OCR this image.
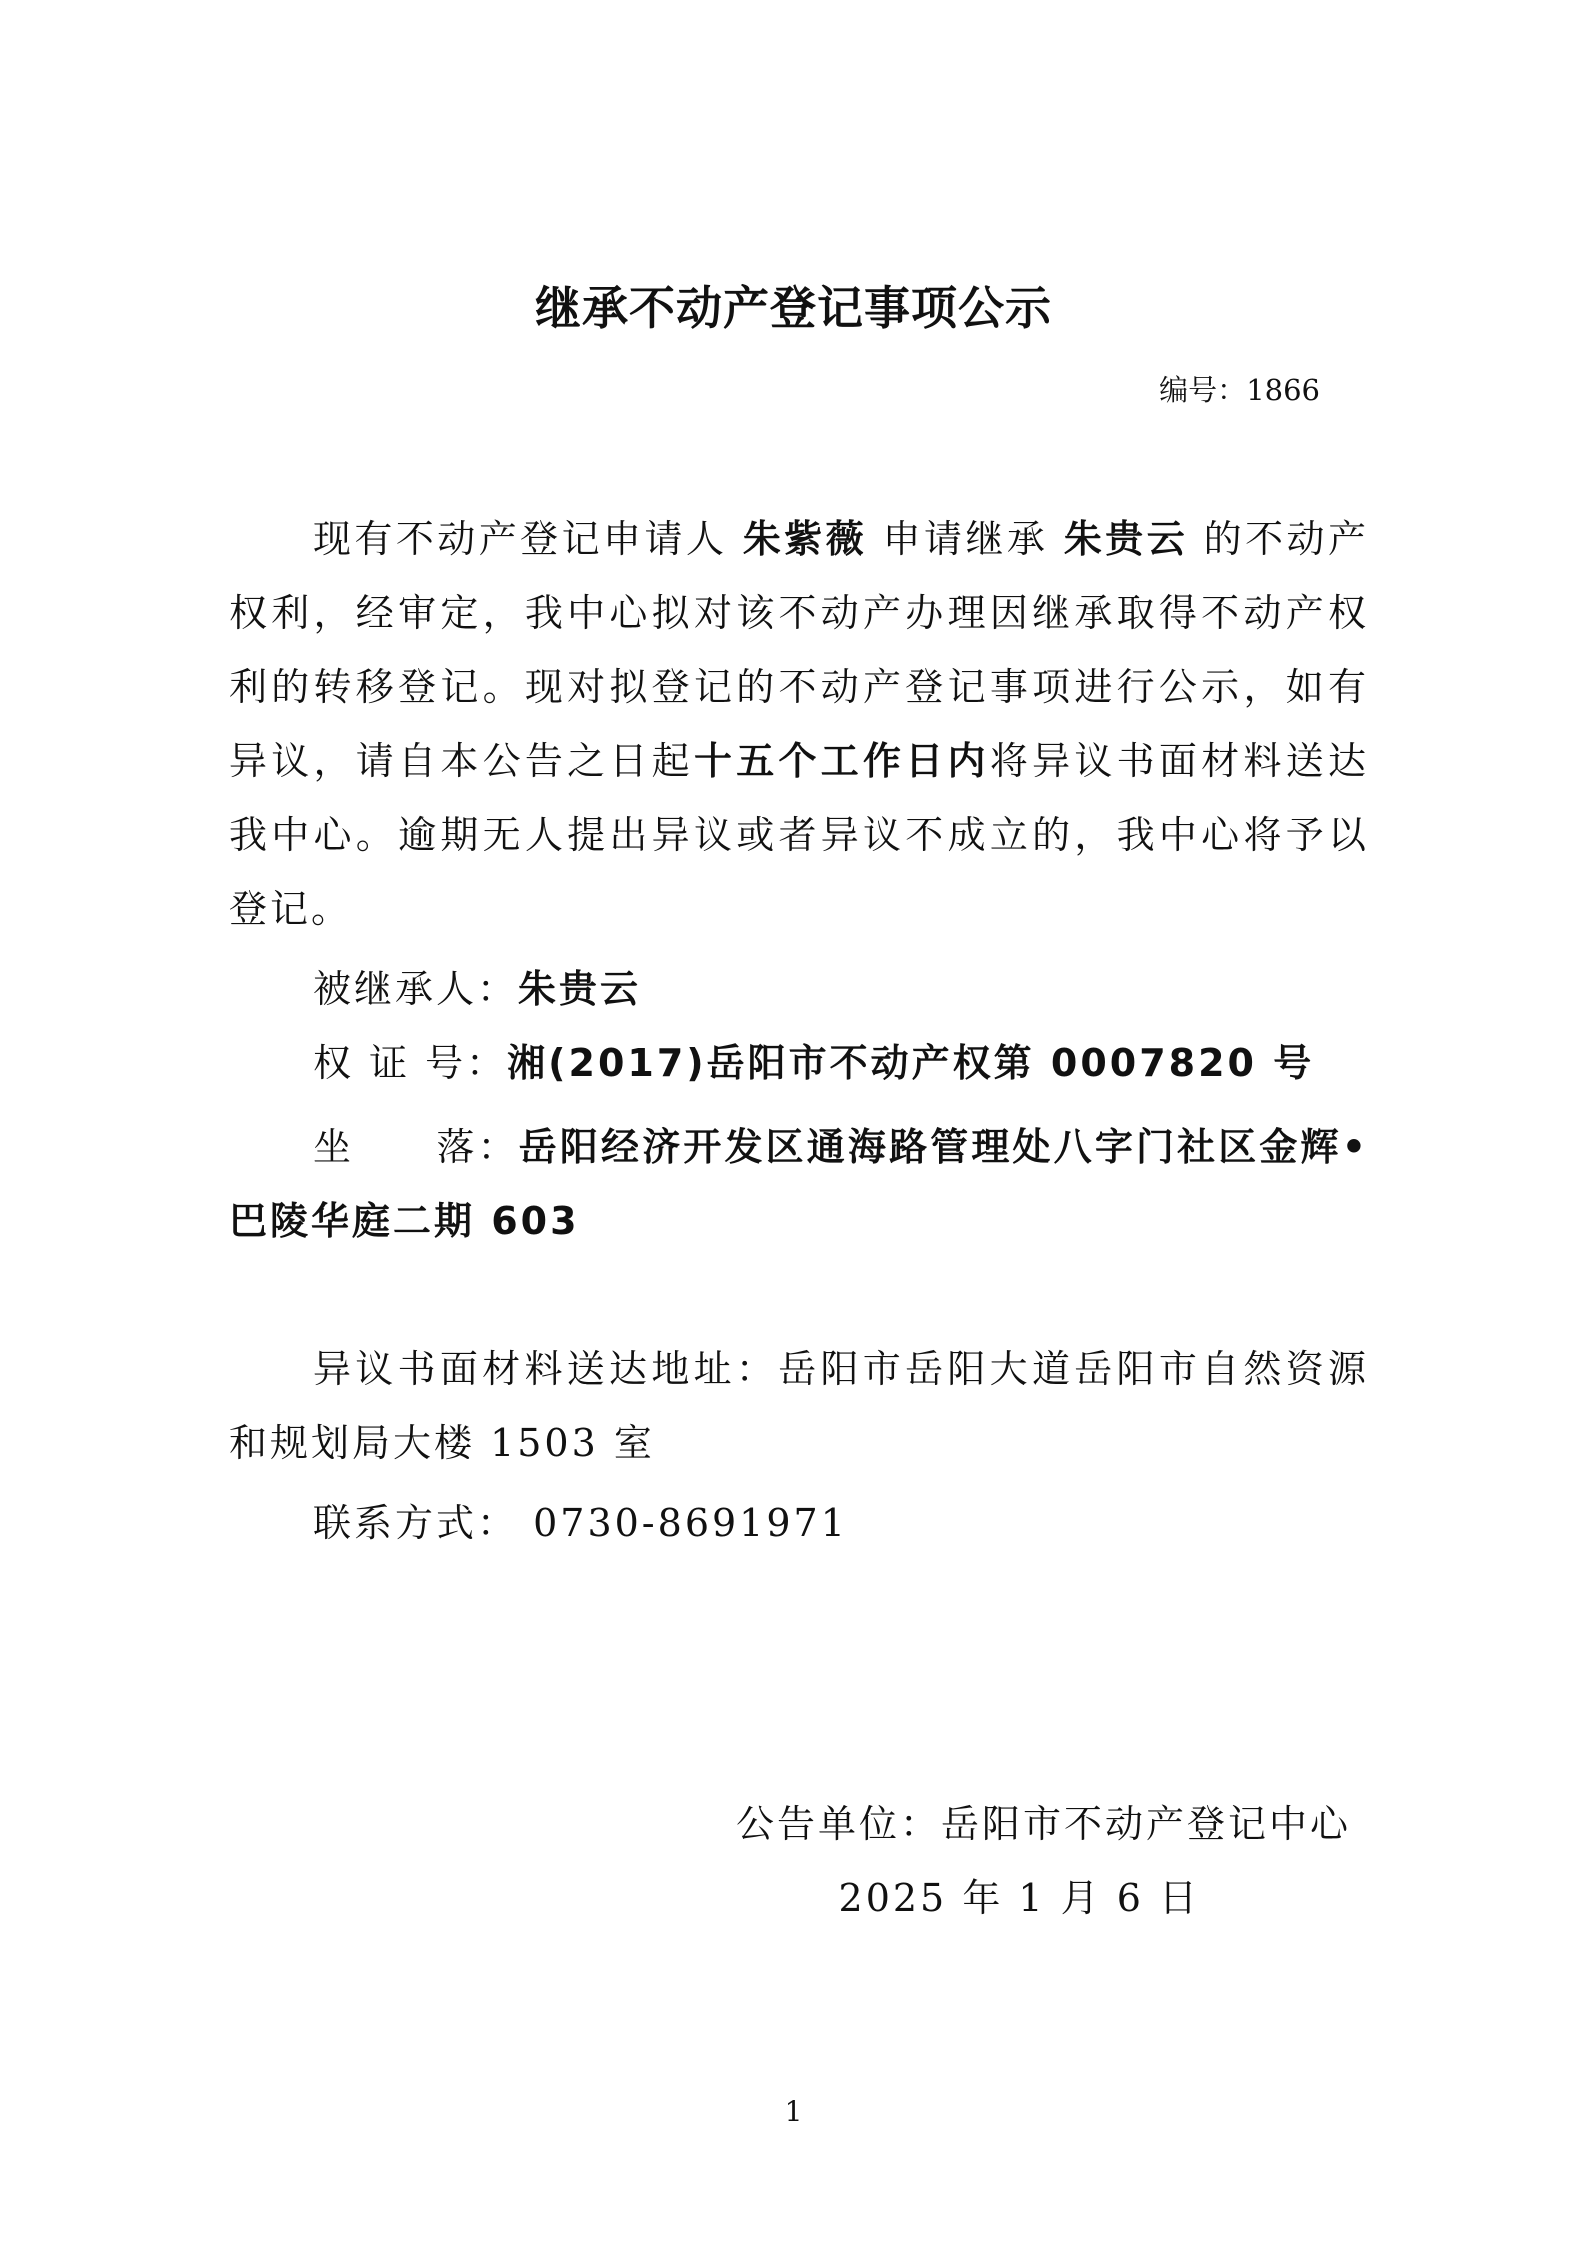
继承不动产登记事项公示
编号：1866
现有不动产登记申请人 朱紫薇 申请继承 朱贵云 的不动产权利，经审定，我中心拟对该不动产办理因继承取得不动产权利的转移登记。现对拟登记的不动产登记事项进行公示，如有异议，请自本公告之日起十五个工作日内将异议书面材料送达我中心。逾期无人提出异议或者异议不成立的，我中心将予以登记。
被继承人：朱贵云
权 证 号：湘(2017)岳阳市不动产权第 0007820 号
坐　　落：岳阳经济开发区通海路管理处八字门社区金辉•巴陵华庭二期 603
异议书面材料送达地址：岳阳市岳阳大道岳阳市自然资源和规划局大楼 1503 室
联系方式： 0730-8691971
公告单位：岳阳市不动产登记中心
2025 年 1 月 6 日
1
